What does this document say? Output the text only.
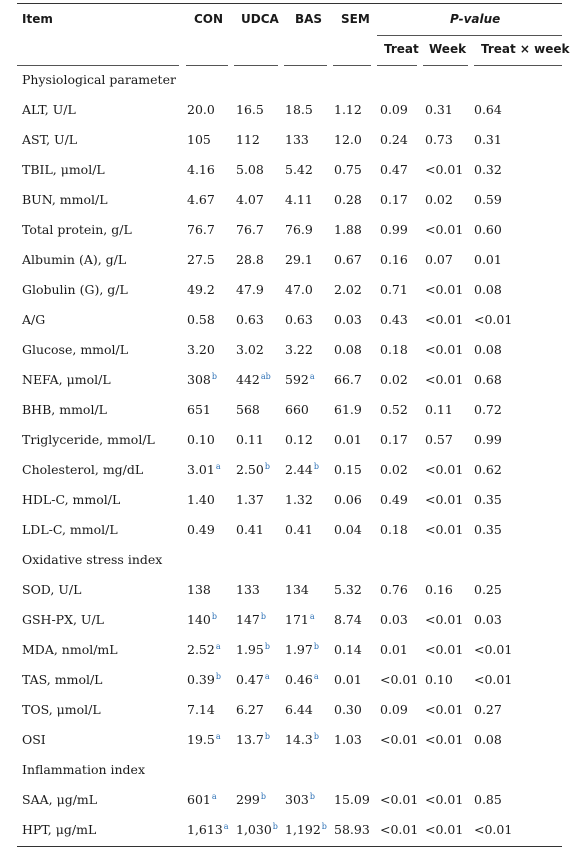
Item	CON UDCA BAS SEM	P-value
Treat Week Treat × week
Physiological parameter
ALT, U/L	20.0 16.5 18.5 1.12 0.09 0.31 0.64
AST, U/L	105 112 133 12.0 0.24 0.73 0.31
TBIL, μmol/L	4.16 5.08 5.42 0.75 0.47 <0.01 0.32
BUN, mmol/L	4.67 4.07 4.11 0.28 0.17 0.02 0.59
Total protein, g/L	76.7 76.7 76.9 1.88 0.99 <0.01 0.60
Albumin (A), g/L	27.5 28.8 29.1 0.67 0.16 0.07 0.01
Globulin (G), g/L	49.2 47.9 47.0 2.02 0.71 <0.01 0.08
A/G	0.58 0.63 0.63 0.03 0.43 <0.01 <0.01
Glucose, mmol/L	3.20 3.02 3.22 0.08 0.18 <0.01 0.08
NEFA, μmol/L	308$^b$ $442^{ab}$ 592$^a$ 66.7 0.02 <0.01 0.68
BHB, mmol/L	651 568 660 61.9 0.52 0.11 0.72
Triglyceride, mmol/L	0.10 0.11 0.12 0.01 0.17 0.57 0.99
Cholesterol, mg/dL	3.01$^a$ 2.50$^b$ 2.44$^b$ 0.15 0.02 <0.01 0.62
HDL-C, mmol/L	1.40 1.37 1.32 0.06 0.49 <0.01 0.35
LDL-C, mmol/L	0.49 0.41 0.41 0.04 0.18 <0.01 0.35
Oxidative stress index
SOD, U/L	138 133 134 5.32 0.76 0.16 0.25
GSH-PX, U/L	140$^b$ 147$^b$ 171$^a$ 8.74 0.03 <0.01 0.03
MDA, nmol/mL	2.52$^a$ 1.95$^b$ 1.97$^b$ 0.14 0.01 <0.01 <0.01
TAS, mmol/L	0.39$^b$ 0.47$^a$ 0.46$^a$ 0.01 <0.01 0.10 <0.01
TOS, μmol/L	7.14 6.27 6.44 0.30 0.09 <0.01 0.27
OSI	19.5$^a$ 13.7$^b$ 14.3$^b$ 1.03 <0.01 <0.01 0.08
Inflammation index
SAA, μg/mL	601$^a$ 299$^b$ 303$^b$ 15.09 <0.01 <0.01 0.85
HPT, μg/mL	1,613$^a$ 1,030$^b$ 1,192$^b$ 58.93 <0.01 <0.01 <0.01
